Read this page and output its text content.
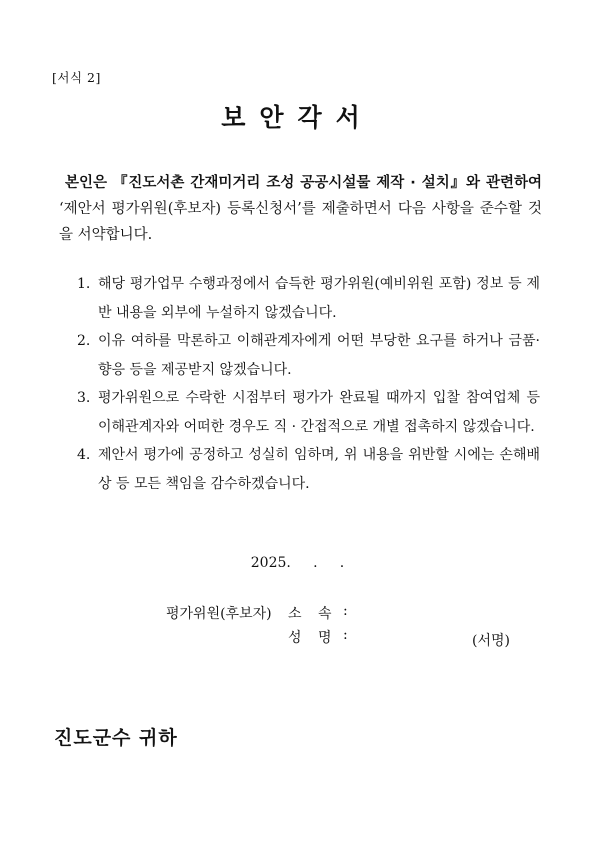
[서식 2]
보안각서
본인은 『진도서촌 간재미거리 조성 공공시설물 제작 · 설치』와 관련하여 ‘제안서 평가위원(후보자) 등록신청서’를 제출하면서 다음 사항을 준수할 것을 서약합니다.
1. 해당 평가업무 수행과정에서 습득한 평가위원(예비위원 포함) 정보 등 제반 내용을 외부에 누설하지 않겠습니다.
2. 이유 여하를 막론하고 이해관계자에게 어떤 부당한 요구를 하거나 금품·향응 등을 제공받지 않겠습니다.
3. 평가위원으로 수락한 시점부터 평가가 완료될 때까지 입찰 참여업체 등 이해관계자와 어떠한 경우도 직 · 간접적으로 개별 접촉하지 않겠습니다.
4. 제안서 평가에 공정하고 성실히 임하며, 위 내용을 위반할 시에는 손해배상 등 모든 책임을 감수하겠습니다.
2025.     .     .
평가위원(후보자) 소 속 :
성 명 :	(서명)
진도군수 귀하
